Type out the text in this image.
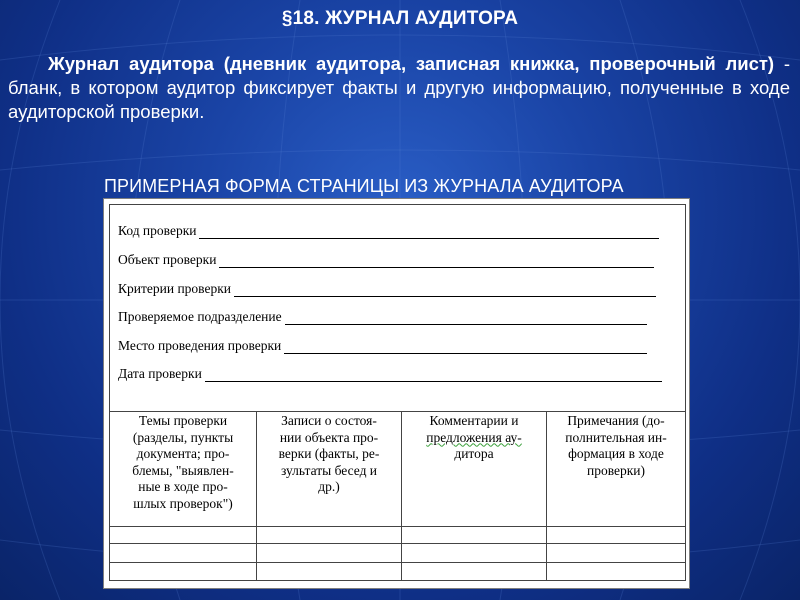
§18. ЖУРНАЛ АУДИТОРА
Журнал аудитора (дневник аудитора, записная книжка, проверочный лист) - бланк, в котором аудитор фиксирует факты и другую информацию, полученные в ходе аудиторской проверки.
ПРИМЕРНАЯ ФОРМА СТРАНИЦЫ ИЗ ЖУРНАЛА АУДИТОРА
Код проверки
Объект проверки
Критерии проверки
Проверяемое подразделение
Место проведения проверки
Дата проверки
Темы проверки
(разделы, пункты
документа; про-
блемы, "выявлен-
ные в ходе про-
шлых проверок")
Записи о состоя-
нии объекта про-
верки (факты, ре-
зультаты бесед и
др.)
Комментарии и
предложения ау-
дитора
Примечания (до-
полнительная ин-
формация в ходе
проверки)
